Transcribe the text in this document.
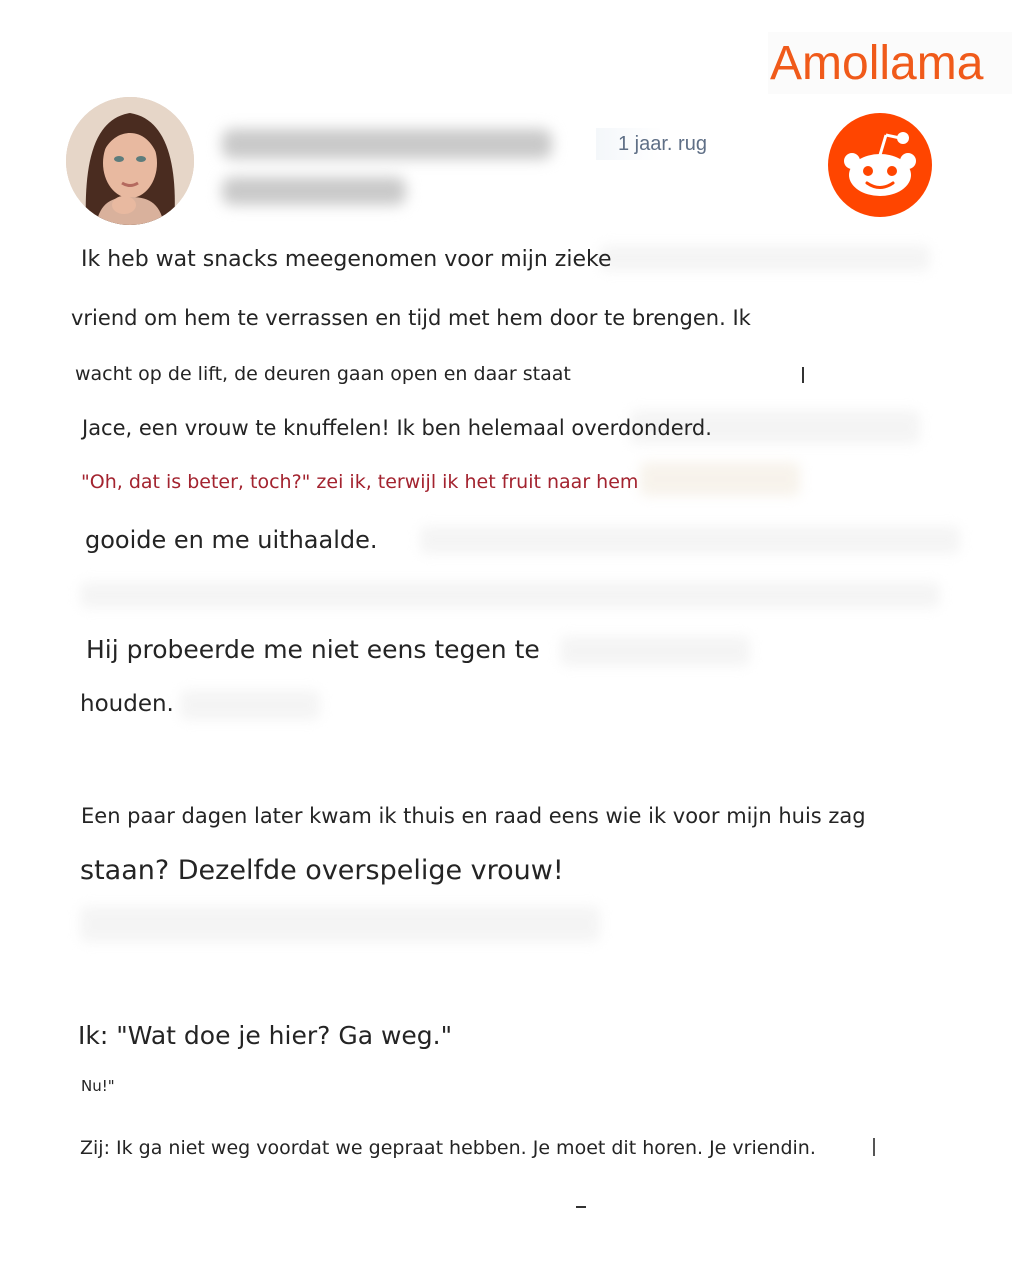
Amollama
1 jaar. rug
Ik heb wat snacks meegenomen voor mijn zieke
vriend om hem te verrassen en tijd met hem door te brengen. Ik
wacht op de lift, de deuren gaan open en daar staat
Jace, een vrouw te knuffelen! Ik ben helemaal overdonderd.
"Oh, dat is beter, toch?" zei ik, terwijl ik het fruit naar hem
gooide en me uithaalde.
Hij probeerde me niet eens tegen te
houden.
Een paar dagen later kwam ik thuis en raad eens wie ik voor mijn huis zag
staan? Dezelfde overspelige vrouw!
Ik: "Wat doe je hier? Ga weg."
Nu!"
Zij: Ik ga niet weg voordat we gepraat hebben. Je moet dit horen. Je vriendin.
